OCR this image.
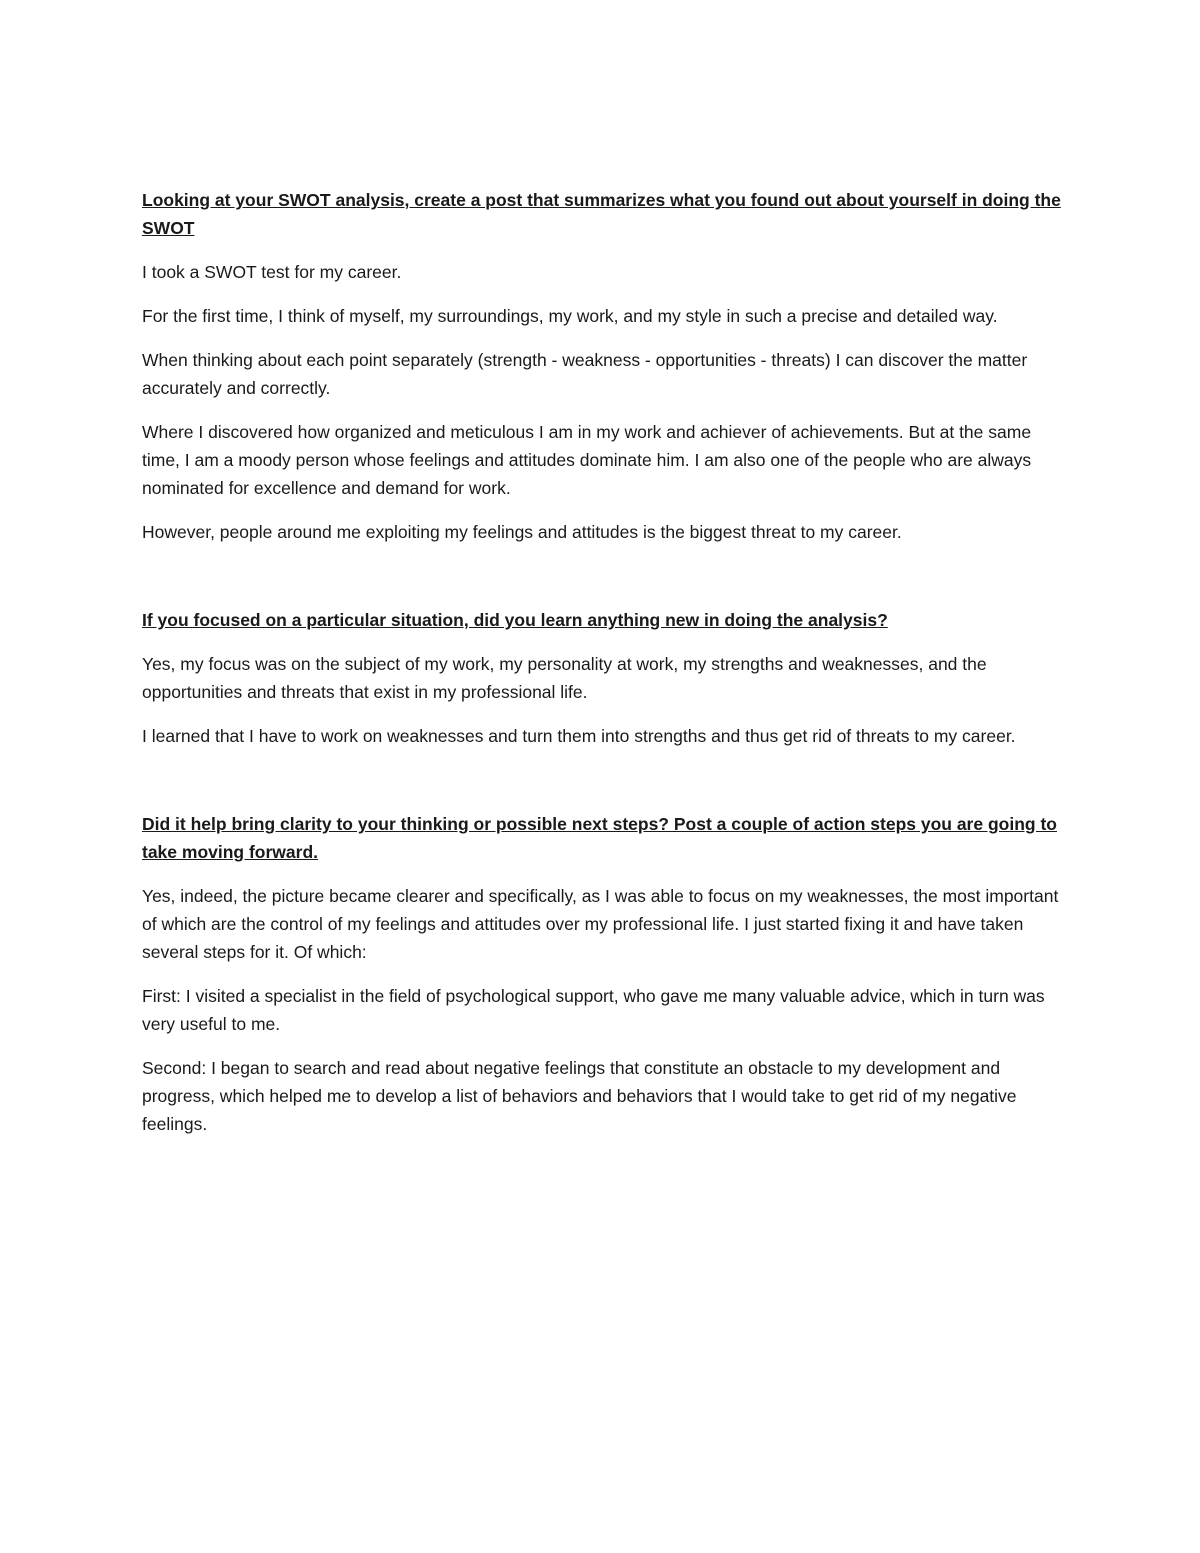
Looking at your SWOT analysis, create a post that summarizes what you found out about yourself in doing the SWOT

I took a SWOT test for my career.

For the first time, I think of myself, my surroundings, my work, and my style in such a precise and detailed way.

When thinking about each point separately (strength - weakness - opportunities - threats) I can discover the matter accurately and correctly.

Where I discovered how organized and meticulous I am in my work and achiever of achievements. But at the same time, I am a moody person whose feelings and attitudes dominate him. I am also one of the people who are always nominated for excellence and demand for work.

However, people around me exploiting my feelings and attitudes is the biggest threat to my career.

If you focused on a particular situation, did you learn anything new in doing the analysis?

Yes, my focus was on the subject of my work, my personality at work, my strengths and weaknesses, and the opportunities and threats that exist in my professional life.

I learned that I have to work on weaknesses and turn them into strengths and thus get rid of threats to my career.

Did it help bring clarity to your thinking or possible next steps? Post a couple of action steps you are going to take moving forward.

Yes, indeed, the picture became clearer and specifically, as I was able to focus on my weaknesses, the most important of which are the control of my feelings and attitudes over my professional life. I just started fixing it and have taken several steps for it. Of which:

First: I visited a specialist in the field of psychological support, who gave me many valuable advice, which in turn was very useful to me.

Second: I began to search and read about negative feelings that constitute an obstacle to my development and progress, which helped me to develop a list of behaviors and behaviors that I would take to get rid of my negative feelings.
